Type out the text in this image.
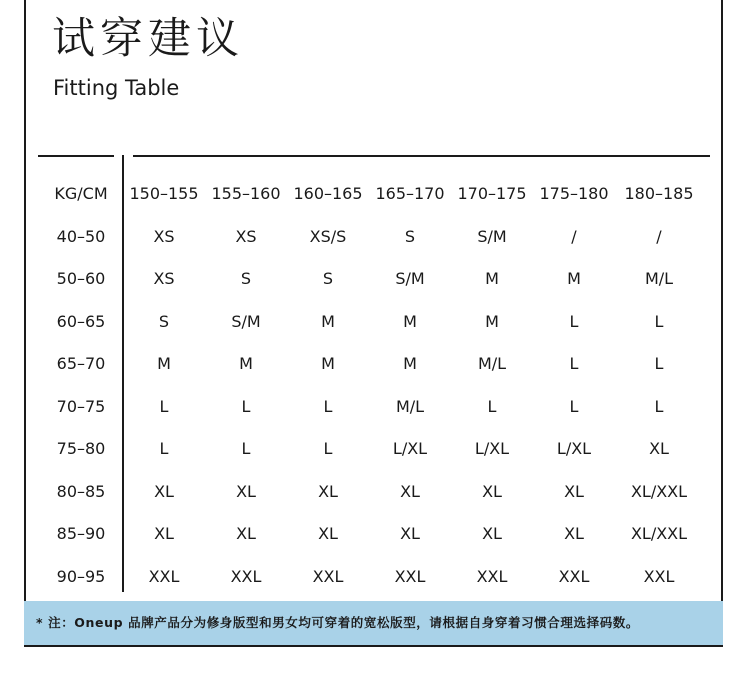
试穿建议
Fitting Table
KG/CM 150–155 155–160 160–165 165–170 170–175 175–180 180–185
40–50	XS	XS	XS/S	S	S/M	/	/
50–60	XS	S	S	S/M	M	M	M/L
60–65	S	S/M	M	M	M	L	L
65–70	M	M	M	M	M/L	L	L
70–75	L	L	L	M/L	L	L	L
75–80	L	L	L	L/XL	L/XL	L/XL	XL
80–85	XL	XL	XL	XL	XL	XL	XL/XXL
85–90	XL	XL	XL	XL	XL	XL	XL/XXL
90–95	XXL	XXL	XXL	XXL	XXL	XXL	XXL
* 注：Oneup 品牌产品分为修身版型和男女均可穿着的宽松版型，请根据自身穿着习惯合理选择码数。
